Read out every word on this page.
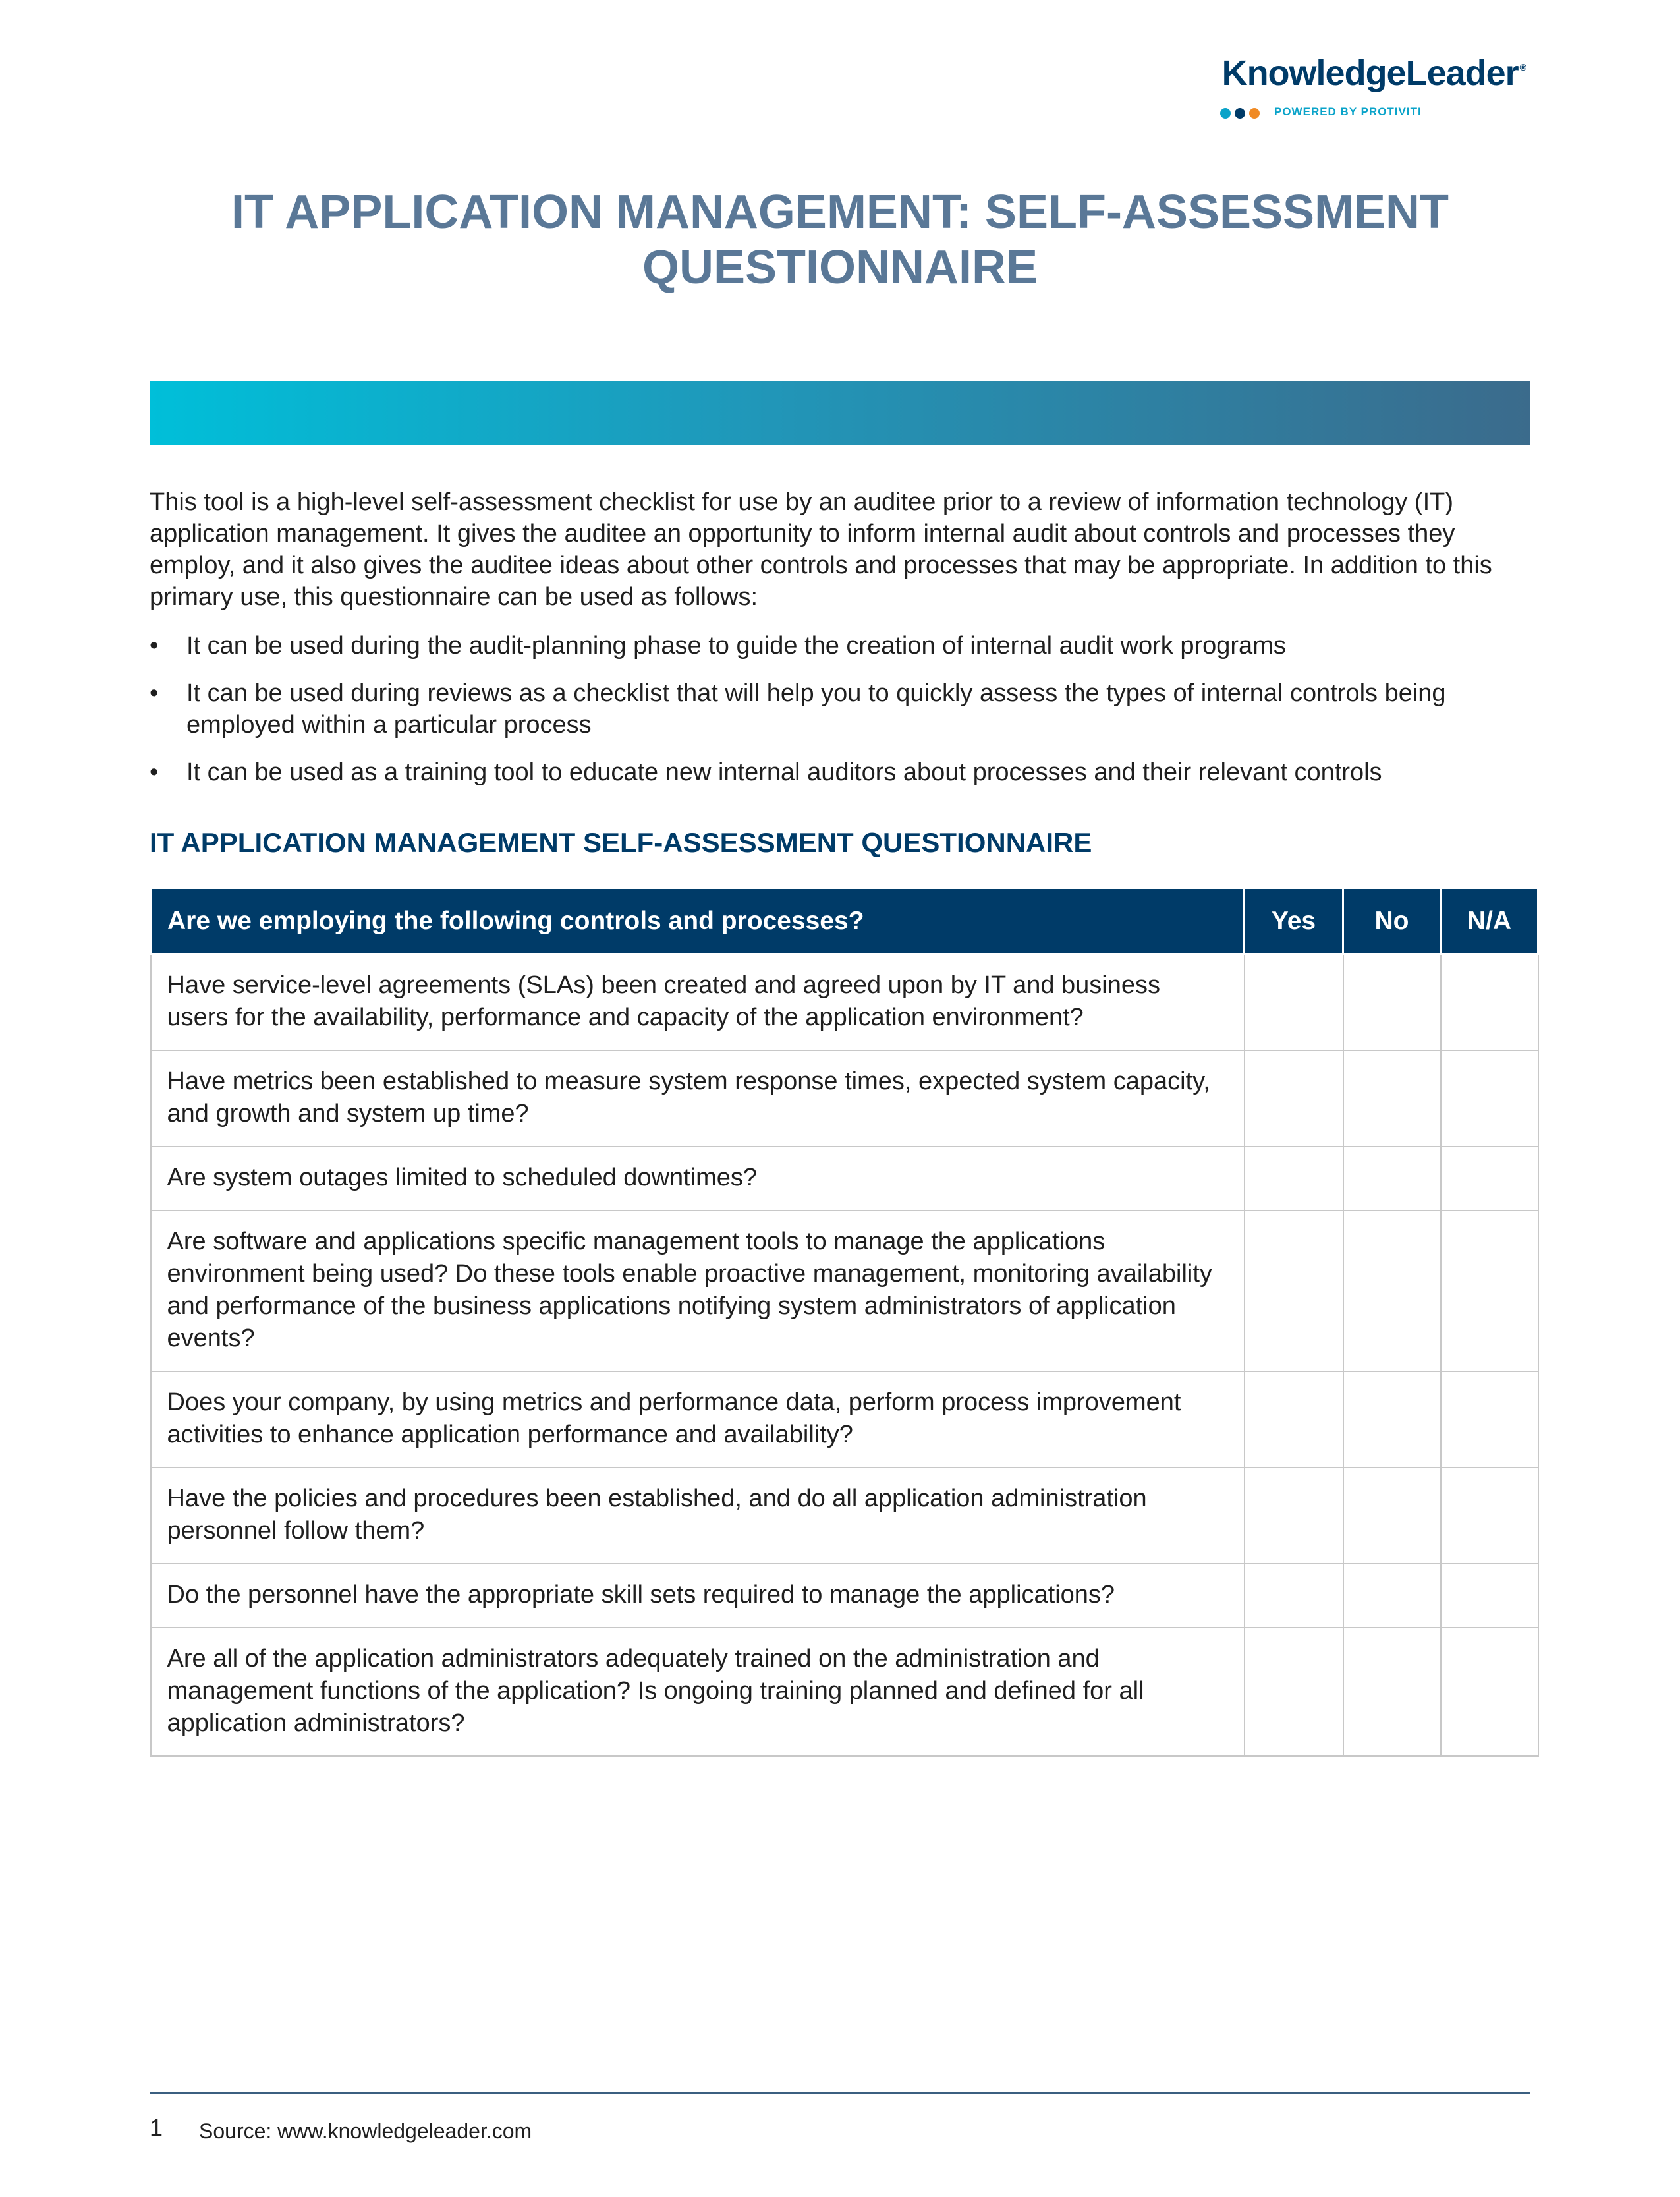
KnowledgeLeader ®
POWERED BY PROTIVITI
IT APPLICATION MANAGEMENT: SELF-ASSESSMENT QUESTIONNAIRE

This tool is a high-level self-assessment checklist for use by an auditee prior to a review of information technology (IT) application management. It gives the auditee an opportunity to inform internal audit about controls and processes they employ, and it also gives the auditee ideas about other controls and processes that may be appropriate. In addition to this primary use, this questionnaire can be used as follows:

• It can be used during the audit-planning phase to guide the creation of internal audit work programs
• It can be used during reviews as a checklist that will help you to quickly assess the types of internal controls being employed within a particular process
• It can be used as a training tool to educate new internal auditors about processes and their relevant controls
IT APPLICATION MANAGEMENT SELF-ASSESSMENT QUESTIONNAIRE
Are we employing the following controls and processes?	Yes	No	N/A
Have service-level agreements (SLAs) been created and agreed upon by IT and business users for the availability, performance and capacity of the application environment?			
Have metrics been established to measure system response times, expected system capacity, and growth and system up time?			
Are system outages limited to scheduled downtimes?			
Are software and applications specific management tools to manage the applications environment being used? Do these tools enable proactive management, monitoring availability and performance of the business applications notifying system administrators of application events?			
Does your company, by using metrics and performance data, perform process improvement activities to enhance application performance and availability?			
Have the policies and procedures been established, and do all application administration personnel follow them?			
Do the personnel have the appropriate skill sets required to manage the applications?			
Are all of the application administrators adequately trained on the administration and management functions of the application? Is ongoing training planned and defined for all application administrators?			
1 Source: www.knowledgeleader.com
